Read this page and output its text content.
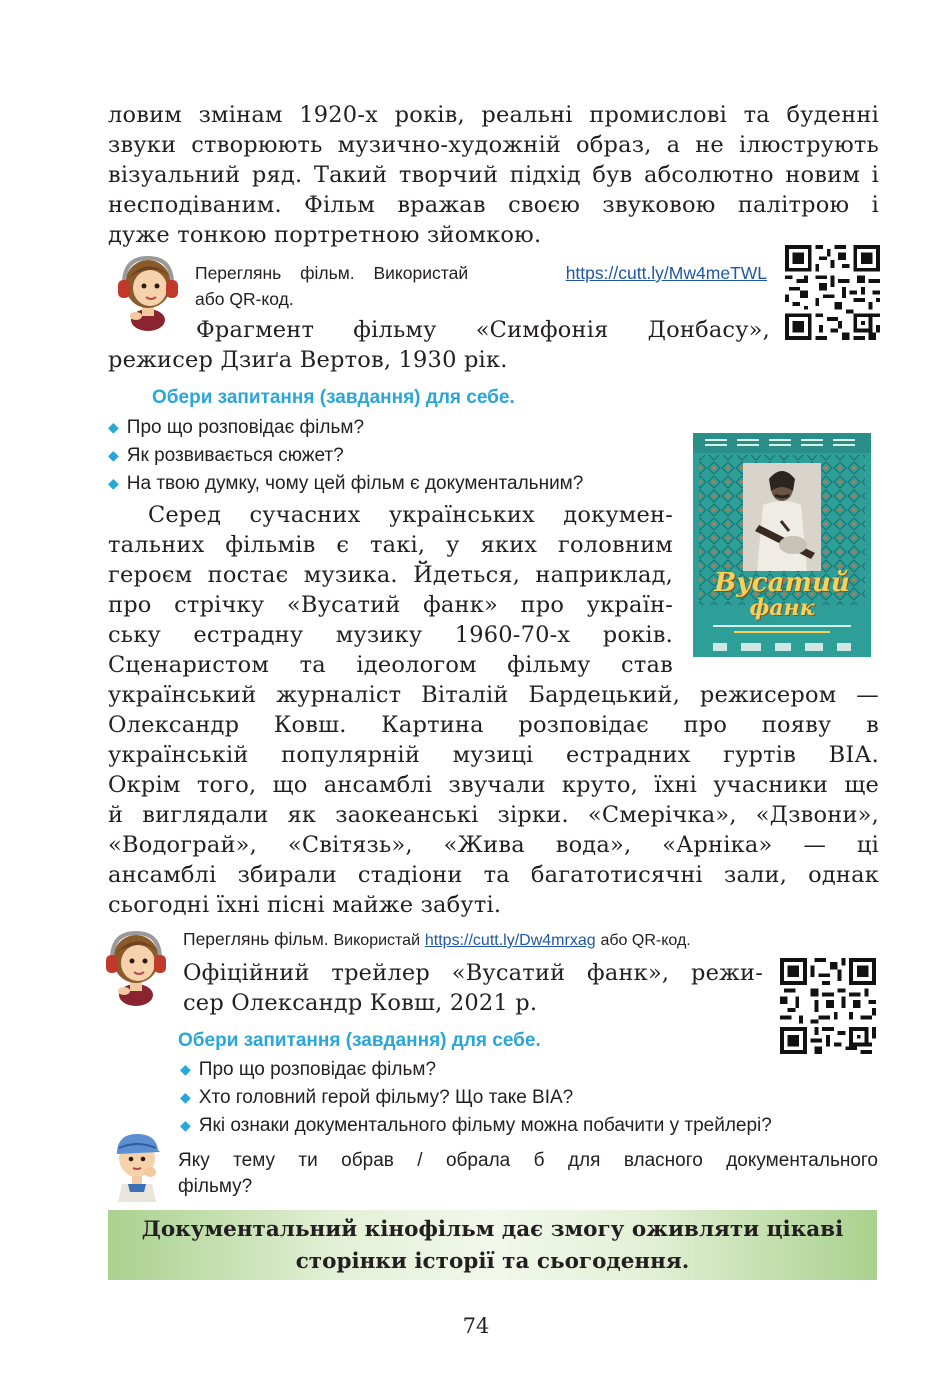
ловим змінам 1920-х років, реальні промислові та буденні
звуки створюють музично-художній образ, а не ілюструють
візуальний ряд. Такий творчий підхід був абсолютно новим і
несподіваним. Фільм вражав своєю звуковою палітрою і
дуже тонкою портретною зйомкою.
Переглянь фільм. Використай	https://cutt.ly/Mw4meTWL
або QR-код.
Фрагмент фільму «Симфонія Донбасу»,
режисер Дзиґа Вертов, 1930 рік.
Обери запитання (завдання) для себе.
◆ Про що розповідає фільм?
◆ Як розвивається сюжет?
◆ На твою думку, чому цей фільм є документальним?
Вусатий
фанк
Серед сучасних українських докумен-
тальних фільмів є такі, у яких головним
героєм постає музика. Йдеться, наприклад,
про стрічку «Вусатий фанк» про україн-
ську естрадну музику 1960-70-х років.
Сценаристом та ідеологом фільму став
український журналіст Віталій Бардецький, режисером —
Олександр Ковш. Картина розповідає про появу в
українській популярній музиці естрадних гуртів ВІА.
Окрім того, що ансамблі звучали круто, їхні учасники ще
й виглядали як заокеанські зірки. «Смерічка», «Дзвони»,
«Водограй», «Світязь», «Жива вода», «Арніка» — ці
ансамблі збирали стадіони та багатотисячні зали, однак
сьогодні їхні пісні майже забуті.
Переглянь фільм. Використай https://cutt.ly/Dw4mrxag або QR-код.
Офіційний трейлер «Вусатий фанк», режи-
сер Олександр Ковш, 2021 р.
Обери запитання (завдання) для себе.
◆ Про що розповідає фільм?
◆ Хто головний герой фільму? Що таке ВІА?
◆ Які ознаки документального фільму можна побачити у трейлері?
Яку тему ти обрав / обрала б для власного документального
фільму?
Документальний кінофільм дає змогу оживляти цікаві
сторінки історії та сьогодення.
74
